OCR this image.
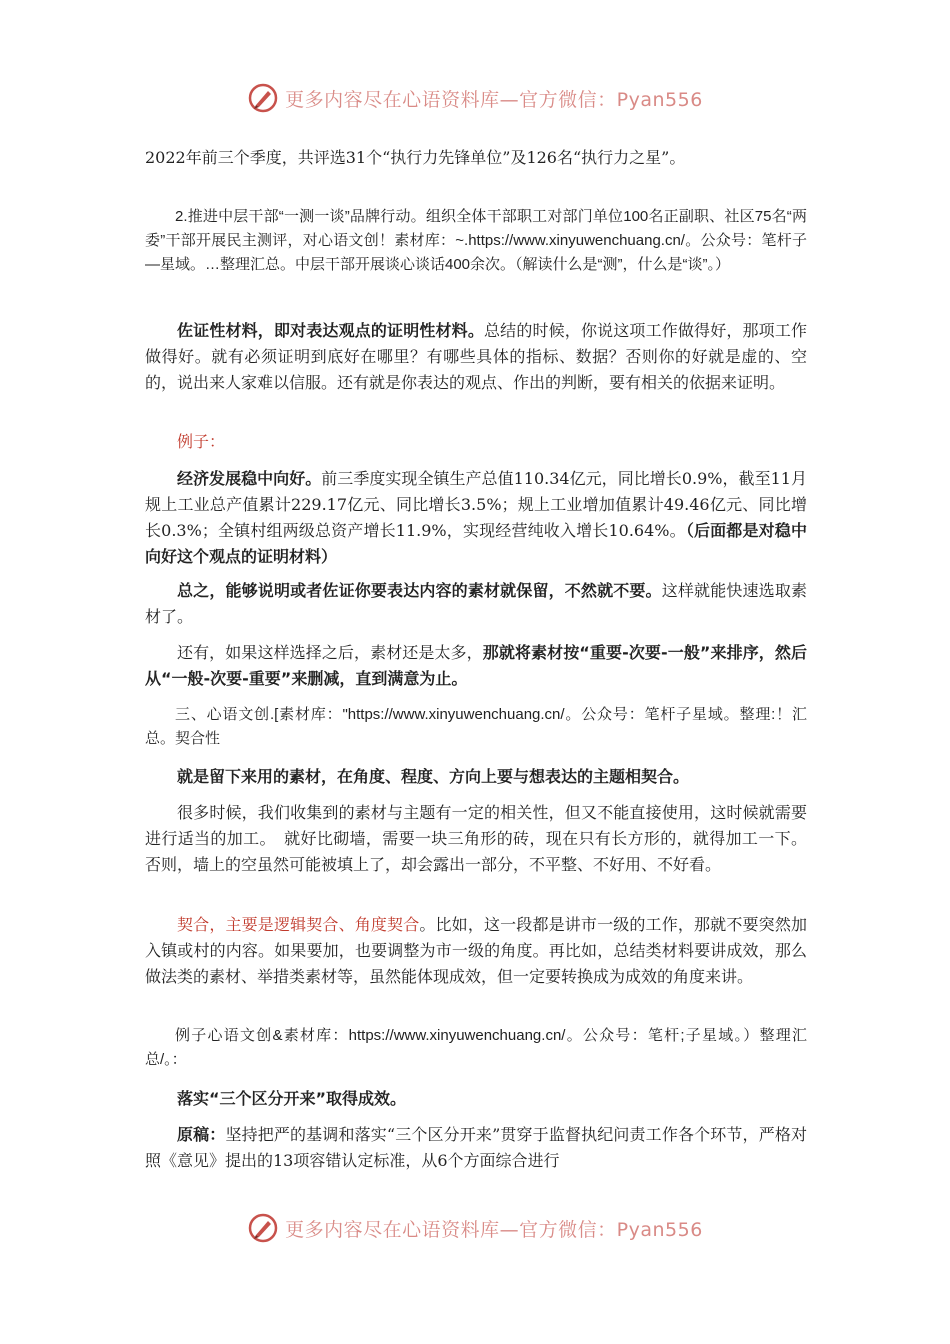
更多内容尽在心语资料库—官方微信：Pyan556

2022年前三个季度，共评选31个“执行力先锋单位”及126名“执行力之星”。

2.推进中层干部“一测一谈”品牌行动。组织全体干部职工对部门单位100名正副职、社区75名“两委”干部开展民主测评，对心语文创！素材库：~.https://www.xinyuwenchuang.cn/。公众号：笔杆子—星域。…整理汇总。中层干部开展谈心谈话400余次。（解读什么是“测”，什么是“谈”。）

佐证性材料，即对表达观点的证明性材料。总结的时候，你说这项工作做得好，那项工作做得好。就有必须证明到底好在哪里？有哪些具体的指标、数据？否则你的好就是虚的、空的，说出来人家难以信服。还有就是你表达的观点、作出的判断，要有相关的依据来证明。

例子：

经济发展稳中向好。前三季度实现全镇生产总值110.34亿元，同比增长0.9%，截至11月规上工业总产值累计229.17亿元、同比增长3.5%；规上工业增加值累计49.46亿元、同比增长0.3%；全镇村组两级总资产增长11.9%，实现经营纯收入增长10.64%。（后面都是对稳中向好这个观点的证明材料）

总之，能够说明或者佐证你要表达内容的素材就保留，不然就不要。这样就能快速选取素材了。

还有，如果这样选择之后，素材还是太多，那就将素材按“重要-次要-一般”来排序，然后从“一般-次要-重要”来删减，直到满意为止。

三、心语文创.[素材库："https://www.xinyuwenchuang.cn/。公众号：笔杆子星域。整理:！汇总。契合性

就是留下来用的素材，在角度、程度、方向上要与想表达的主题相契合。

很多时候，我们收集到的素材与主题有一定的相关性，但又不能直接使用，这时候就需要进行适当的加工。　就好比砌墙，需要一块三角形的砖，现在只有长方形的，就得加工一下。否则，墙上的空虽然可能被填上了，却会露出一部分，不平整、不好用、不好看。

契合，主要是逻辑契合、角度契合。比如，这一段都是讲市一级的工作，那就不要突然加入镇或村的内容。如果要加，也要调整为市一级的角度。再比如，总结类材料要讲成效，那么做法类的素材、举措类素材等，虽然能体现成效，但一定要转换成为成效的角度来讲。

例子心语文创&素材库：https://www.xinyuwenchuang.cn/。公众号：笔杆;子星域。）整理汇总/。：

落实“三个区分开来”取得成效。

原稿：坚持把严的基调和落实“三个区分开来”贯穿于监督执纪问责工作各个环节，严格对照《意见》提出的13项容错认定标准，从6个方面综合进行

更多内容尽在心语资料库—官方微信：Pyan556
